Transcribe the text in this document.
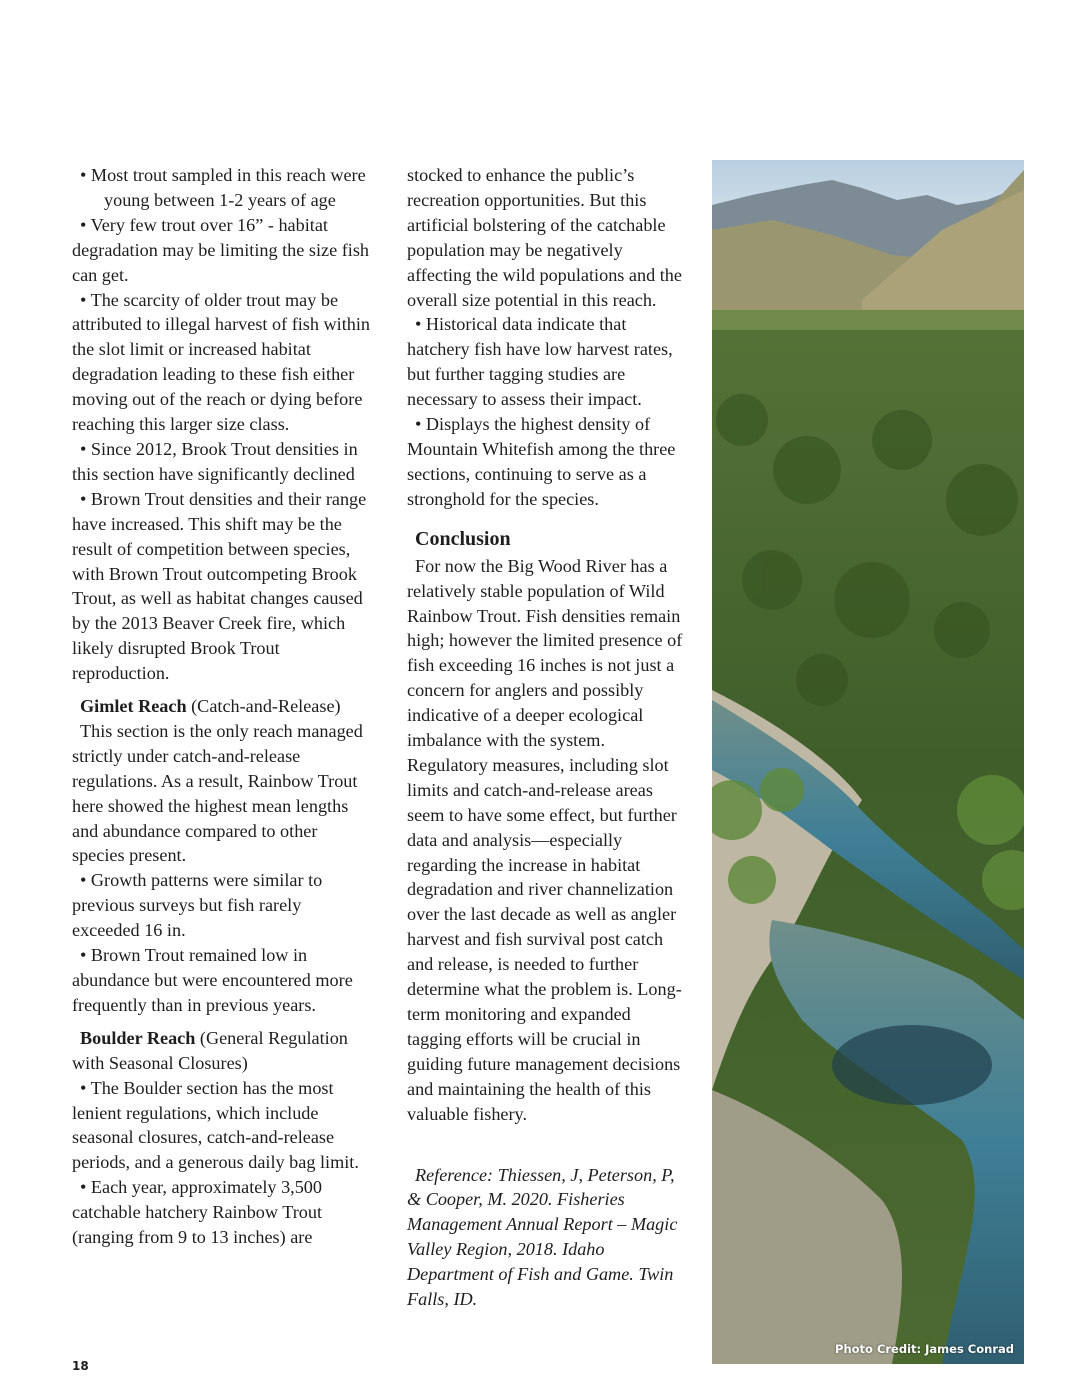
• Most trout sampled in this reach were young between 1-2 years of age

• Very few trout over 16” - habitat degradation may be limiting the size fish can get.

• The scarcity of older trout may be attributed to illegal harvest of fish within the slot limit or increased habitat degradation leading to these fish either moving out of the reach or dying before reaching this larger size class.

• Since 2012, Brook Trout densities in this section have significantly declined

• Brown Trout densities and their range have increased. This shift may be the result of competition between species, with Brown Trout outcompeting Brook Trout, as well as habitat changes caused by the 2013 Beaver Creek fire, which likely disrupted Brook Trout reproduction.

Gimlet Reach (Catch-and-Release)

This section is the only reach managed strictly under catch-and-release regulations. As a result, Rainbow Trout here showed the highest mean lengths and abundance compared to other species present.

• Growth patterns were similar to previous surveys but fish rarely exceeded 16 in.

• Brown Trout remained low in abundance but were encountered more frequently than in previous years.

Boulder Reach (General Regulation with Seasonal Closures)

• The Boulder section has the most lenient regulations, which include seasonal closures, catch-and-release periods, and a generous daily bag limit.

• Each year, approximately 3,500 catchable hatchery Rainbow Trout (ranging from 9 to 13 inches) are

stocked to enhance the public’s recreation opportunities. But this artificial bolstering of the catchable population may be negatively affecting the wild populations and the overall size potential in this reach.

• Historical data indicate that hatchery fish have low harvest rates, but further tagging studies are necessary to assess their impact.

• Displays the highest density of Mountain Whitefish among the three sections, continuing to serve as a stronghold for the species.

Conclusion

For now the Big Wood River has a relatively stable population of Wild Rainbow Trout. Fish densities remain high; however the limited presence of fish exceeding 16 inches is not just a concern for anglers and possibly indicative of a deeper ecological imbalance with the system. Regulatory measures, including slot limits and catch-and-release areas seem to have some effect, but further data and analysis—especially regarding the increase in habitat degradation and river channelization over the last decade as well as angler harvest and fish survival post catch and release, is needed to further determine what the problem is. Long-term monitoring and expanded tagging efforts will be crucial in guiding future management decisions and maintaining the health of this valuable fishery.

Reference: Thiessen, J, Peterson, P, & Cooper, M. 2020. Fisheries Management Annual Report – Magic Valley Region, 2018. Idaho Department of Fish and Game. Twin Falls, ID.

Photo Credit: James Conrad
18
